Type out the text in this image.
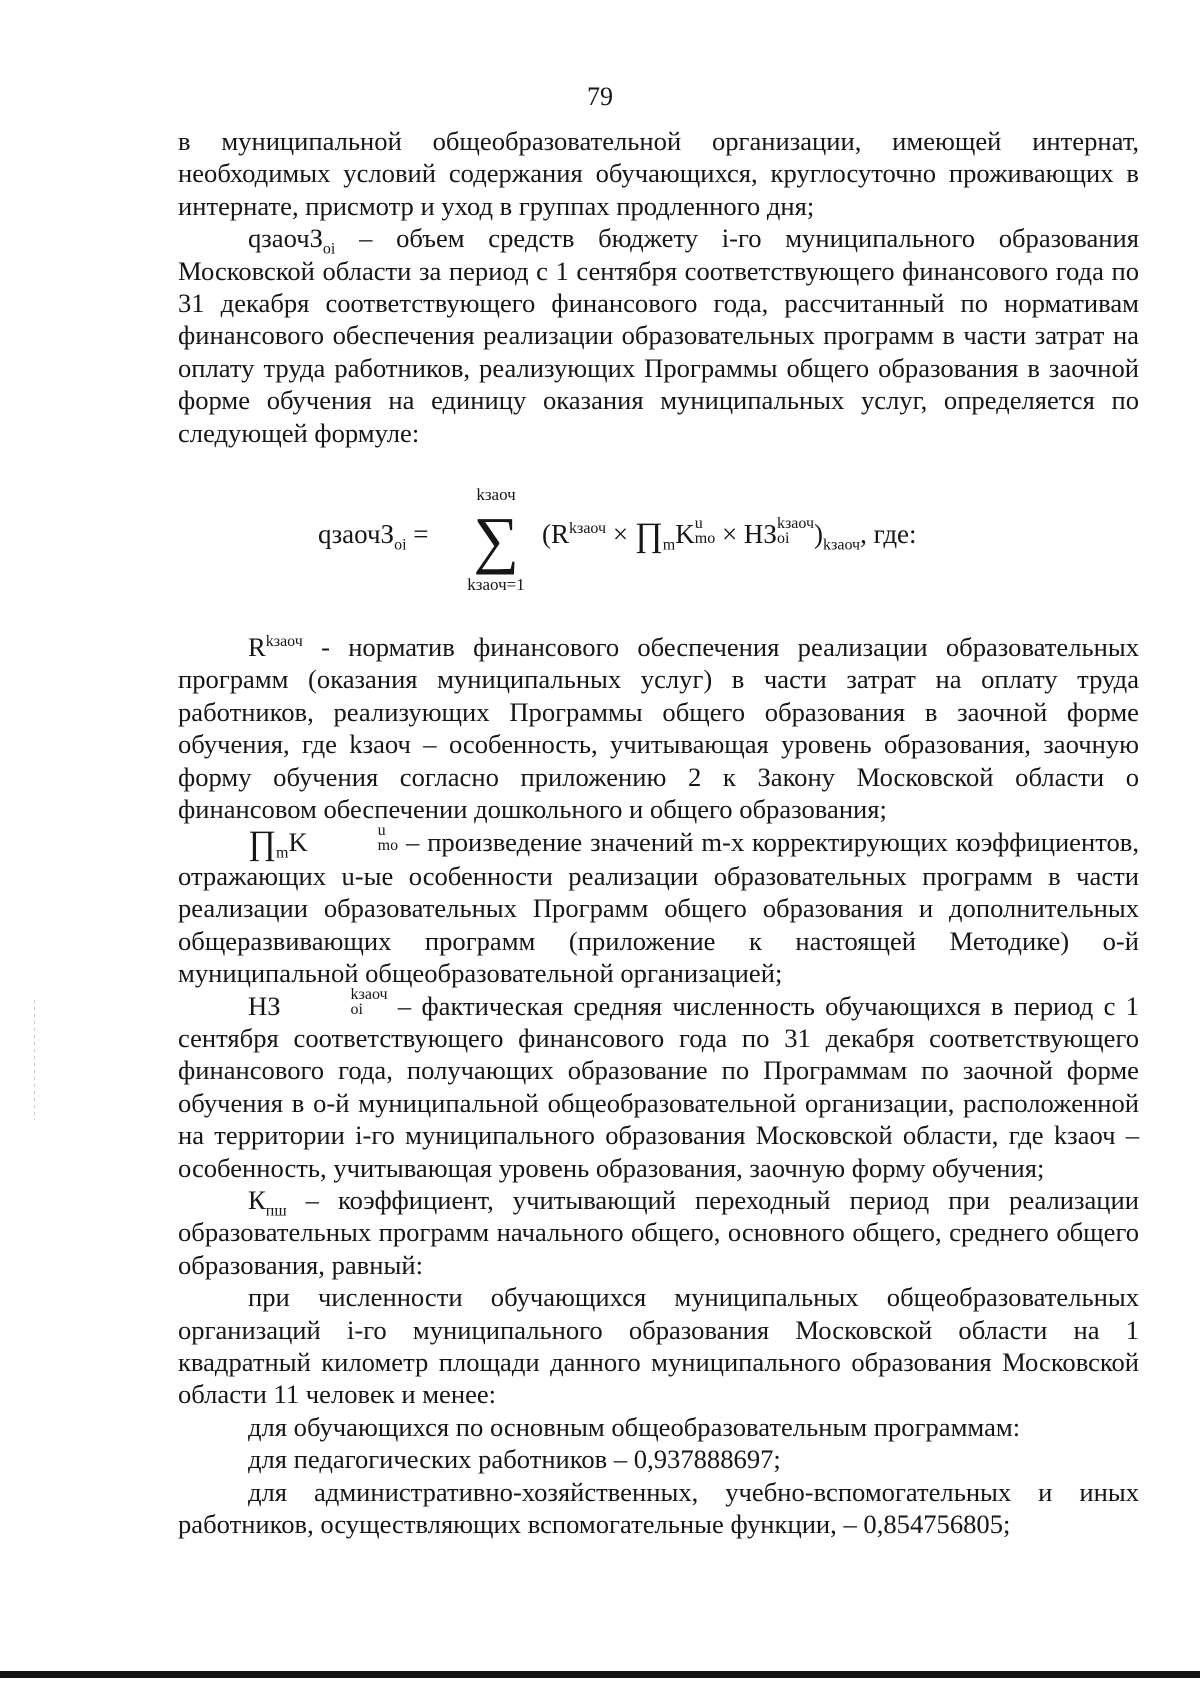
79

в муниципальной общеобразовательной организации, имеющей интернат, необходимых условий содержания обучающихся, круглосуточно проживающих в интернате, присмотр и уход в группах продленного дня;

qзаочЗ$_{oi}$ – объем средств бюджету i-го муниципального образования Московской области за период с 1 сентября соответствующего финансового года по 31 декабря соответствующего финансового года, рассчитанный по нормативам финансового обеспечения реализации образовательных программ в части затрат на оплату труда работников, реализующих Программы общего образования в заочной форме обучения на единицу оказания муниципальных услуг, определяется по следующей формуле:

qзаочЗ$_{oi}$ =
kзаоч
∑
kзаоч=1
($R^{kзаоч}$ × $\prod_mK$ u
mo × НЗ kзаоч
oi )$_{kзаоч}$, где:

$R^{kзаоч}$ - норматив финансового обеспечения реализации образовательных программ (оказания муниципальных услуг) в части затрат на оплату труда работников, реализующих Программы общего образования в заочной форме обучения, где kзаоч – особенность, учитывающая уровень образования, заочную форму обучения согласно приложению 2 к Закону Московской области о финансовом обеспечении дошкольного и общего образования;

$\prod_mK$	u
mo – произведение значений m-х корректирующих коэффициентов, отражающих u-ые особенности реализации образовательных программ в части реализации образовательных Программ общего образования и дополнительных общеразвивающих программ (приложение к настоящей Методике) о-й муниципальной общеобразовательной организацией;

НЗ	kзаоч
oi – фактическая средняя численность обучающихся в период с 1 сентября соответствующего финансового года по 31 декабря соответствующего финансового года, получающих образование по Программам по заочной форме обучения в о-й муниципальной общеобразовательной организации, расположенной на территории i-го муниципального образования Московской области, где kзаоч – особенность, учитывающая уровень образования, заочную форму обучения;

$К_{пш}$ – коэффициент, учитывающий переходный период при реализации образовательных программ начального общего, основного общего, среднего общего образования, равный:

при численности обучающихся муниципальных общеобразовательных организаций i-го муниципального образования Московской области на 1 квадратный километр площади данного муниципального образования Московской области 11 человек и менее:

для обучающихся по основным общеобразовательным программам:

для педагогических работников – 0,937888697;

для административно-хозяйственных, учебно-вспомогательных и иных работников, осуществляющих вспомогательные функции, – 0,854756805;
